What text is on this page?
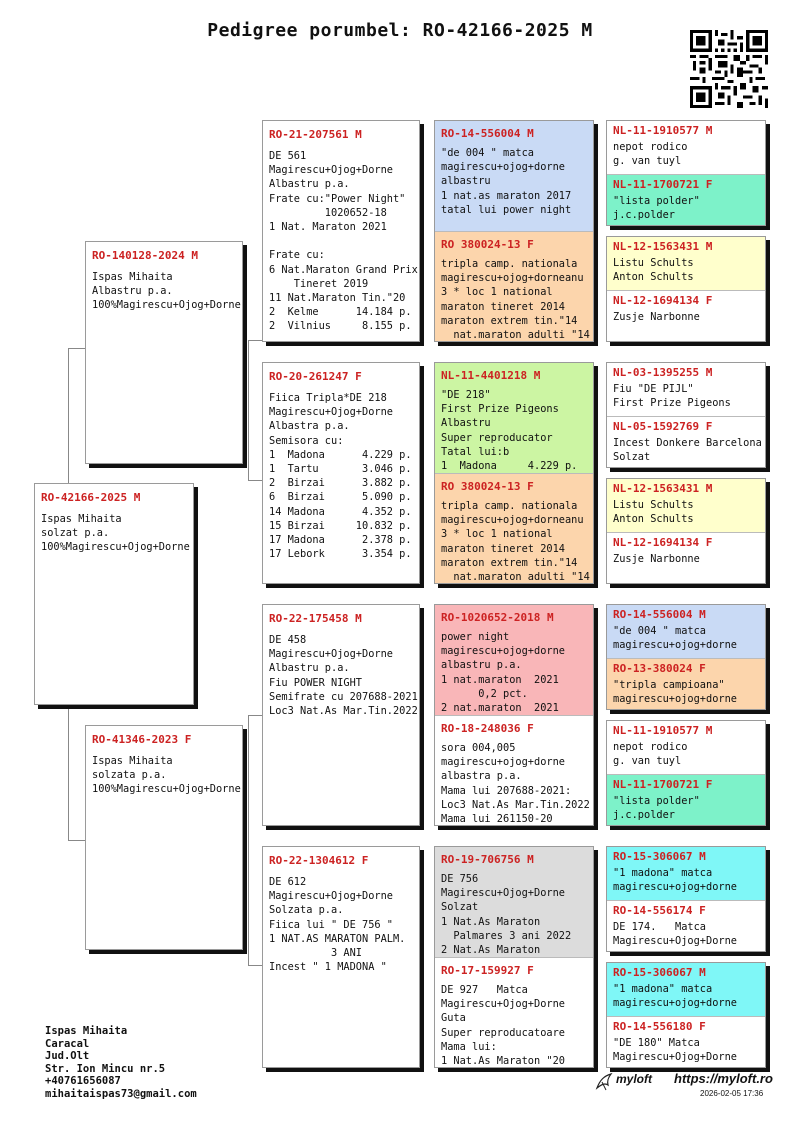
Pedigree porumbel: RO-42166-2025 M
RO-42166-2025 M
Ispas Mihaita
solzat p.a.
100%Magirescu+Ojog+Dorne
RO-140128-2024 M
Ispas Mihaita
Albastru p.a.
100%Magirescu+Ojog+Dorne
RO-41346-2023 F
Ispas Mihaita
solzata p.a.
100%Magirescu+Ojog+Dorne
RO-21-207561 M
DE 561
Magirescu+Ojog+Dorne
Albastru p.a.
Frate cu:"Power Night"
1020652-18
1 Nat. Maraton 2021

Frate cu:
6 Nat.Maraton Grand Prix
Tineret 2019
11 Nat.Maraton Tin."20
2  Kelme      14.184 p.
2  Vilnius     8.155 p.
RO-20-261247 F
Fiica Tripla*DE 218
Magirescu+Ojog+Dorne
Albastra p.a.
Semisora cu:
1  Madona      4.229 p.
1  Tartu       3.046 p.
2  Birzai      3.882 p.
6  Birzai      5.090 p.
14 Madona      4.352 p.
15 Birzai     10.832 p.
17 Madona      2.378 p.
17 Lebork      3.354 p.
RO-22-175458 M
DE 458
Magirescu+Ojog+Dorne
Albastru p.a.
Fiu POWER NIGHT
Semifrate cu 207688-2021
Loc3 Nat.As Mar.Tin.2022
RO-22-1304612 F
DE 612
Magirescu+Ojog+Dorne
Solzata p.a.
Fiica lui " DE 756 "
1 NAT.AS MARATON PALM.
3 ANI
Incest " 1 MADONA "
RO-14-556004 M
"de 004 " matca
magirescu+ojog+dorne
albastru
1 nat.as maraton 2017
tatal lui power night
RO 380024-13 F
tripla camp. nationala
magirescu+ojog+dorneanu
3 * loc 1 national
maraton tineret 2014
maraton extrem tin."14
nat.maraton adulti "14
NL-11-4401218 M
"DE 218"
First Prize Pigeons
Albastru
Super reproducator
Tatal lui:b
1  Madona     4.229 p.
RO 380024-13 F
tripla camp. nationala
magirescu+ojog+dorneanu
3 * loc 1 national
maraton tineret 2014
maraton extrem tin."14
nat.maraton adulti "14
RO-1020652-2018 M
power night
magirescu+ojog+dorne
albastru p.a.
1 nat.maraton  2021
0,2 pct.
2 nat.maraton  2021
RO-18-248036 F
sora 004,005
magirescu+ojog+dorne
albastra p.a.
Mama lui 207688-2021:
Loc3 Nat.As Mar.Tin.2022
Mama lui 261150-20
RO-19-706756 M
DE 756
Magirescu+Ojog+Dorne
Solzat
1 Nat.As Maraton
Palmares 3 ani 2022
2 Nat.As Maraton
RO-17-159927 F
DE 927   Matca
Magirescu+Ojog+Dorne
Guta
Super reproducatoare
Mama lui:
1 Nat.As Maraton "20
NL-11-1910577 M
nepot rodico
g. van tuyl
NL-11-1700721 F
"lista polder"
j.c.polder
NL-12-1563431 M
Listu Schults
Anton Schults
NL-12-1694134 F
Zusje Narbonne
NL-03-1395255 M
Fiu "DE PIJL"
First Prize Pigeons
NL-05-1592769 F
Incest Donkere Barcelona
Solzat
NL-12-1563431 M
Listu Schults
Anton Schults
NL-12-1694134 F
Zusje Narbonne
RO-14-556004 M
"de 004 " matca
magirescu+ojog+dorne
RO-13-380024 F
"tripla campioana"
magirescu+ojog+dorne
NL-11-1910577 M
nepot rodico
g. van tuyl
NL-11-1700721 F
"lista polder"
j.c.polder
RO-15-306067 M
"1 madona" matca
magirescu+ojog+dorne
RO-14-556174 F
DE 174.   Matca
Magirescu+Ojog+Dorne
RO-15-306067 M
"1 madona" matca
magirescu+ojog+dorne
RO-14-556180 F
"DE 180" Matca
Magirescu+Ojog+Dorne
Ispas Mihaita
Caracal
Jud.Olt
Str. Ion Mincu nr.5
+40761656087
mihaitaispas73@gmail.com
myloft https://myloft.ro
2026-02-05 17:36
